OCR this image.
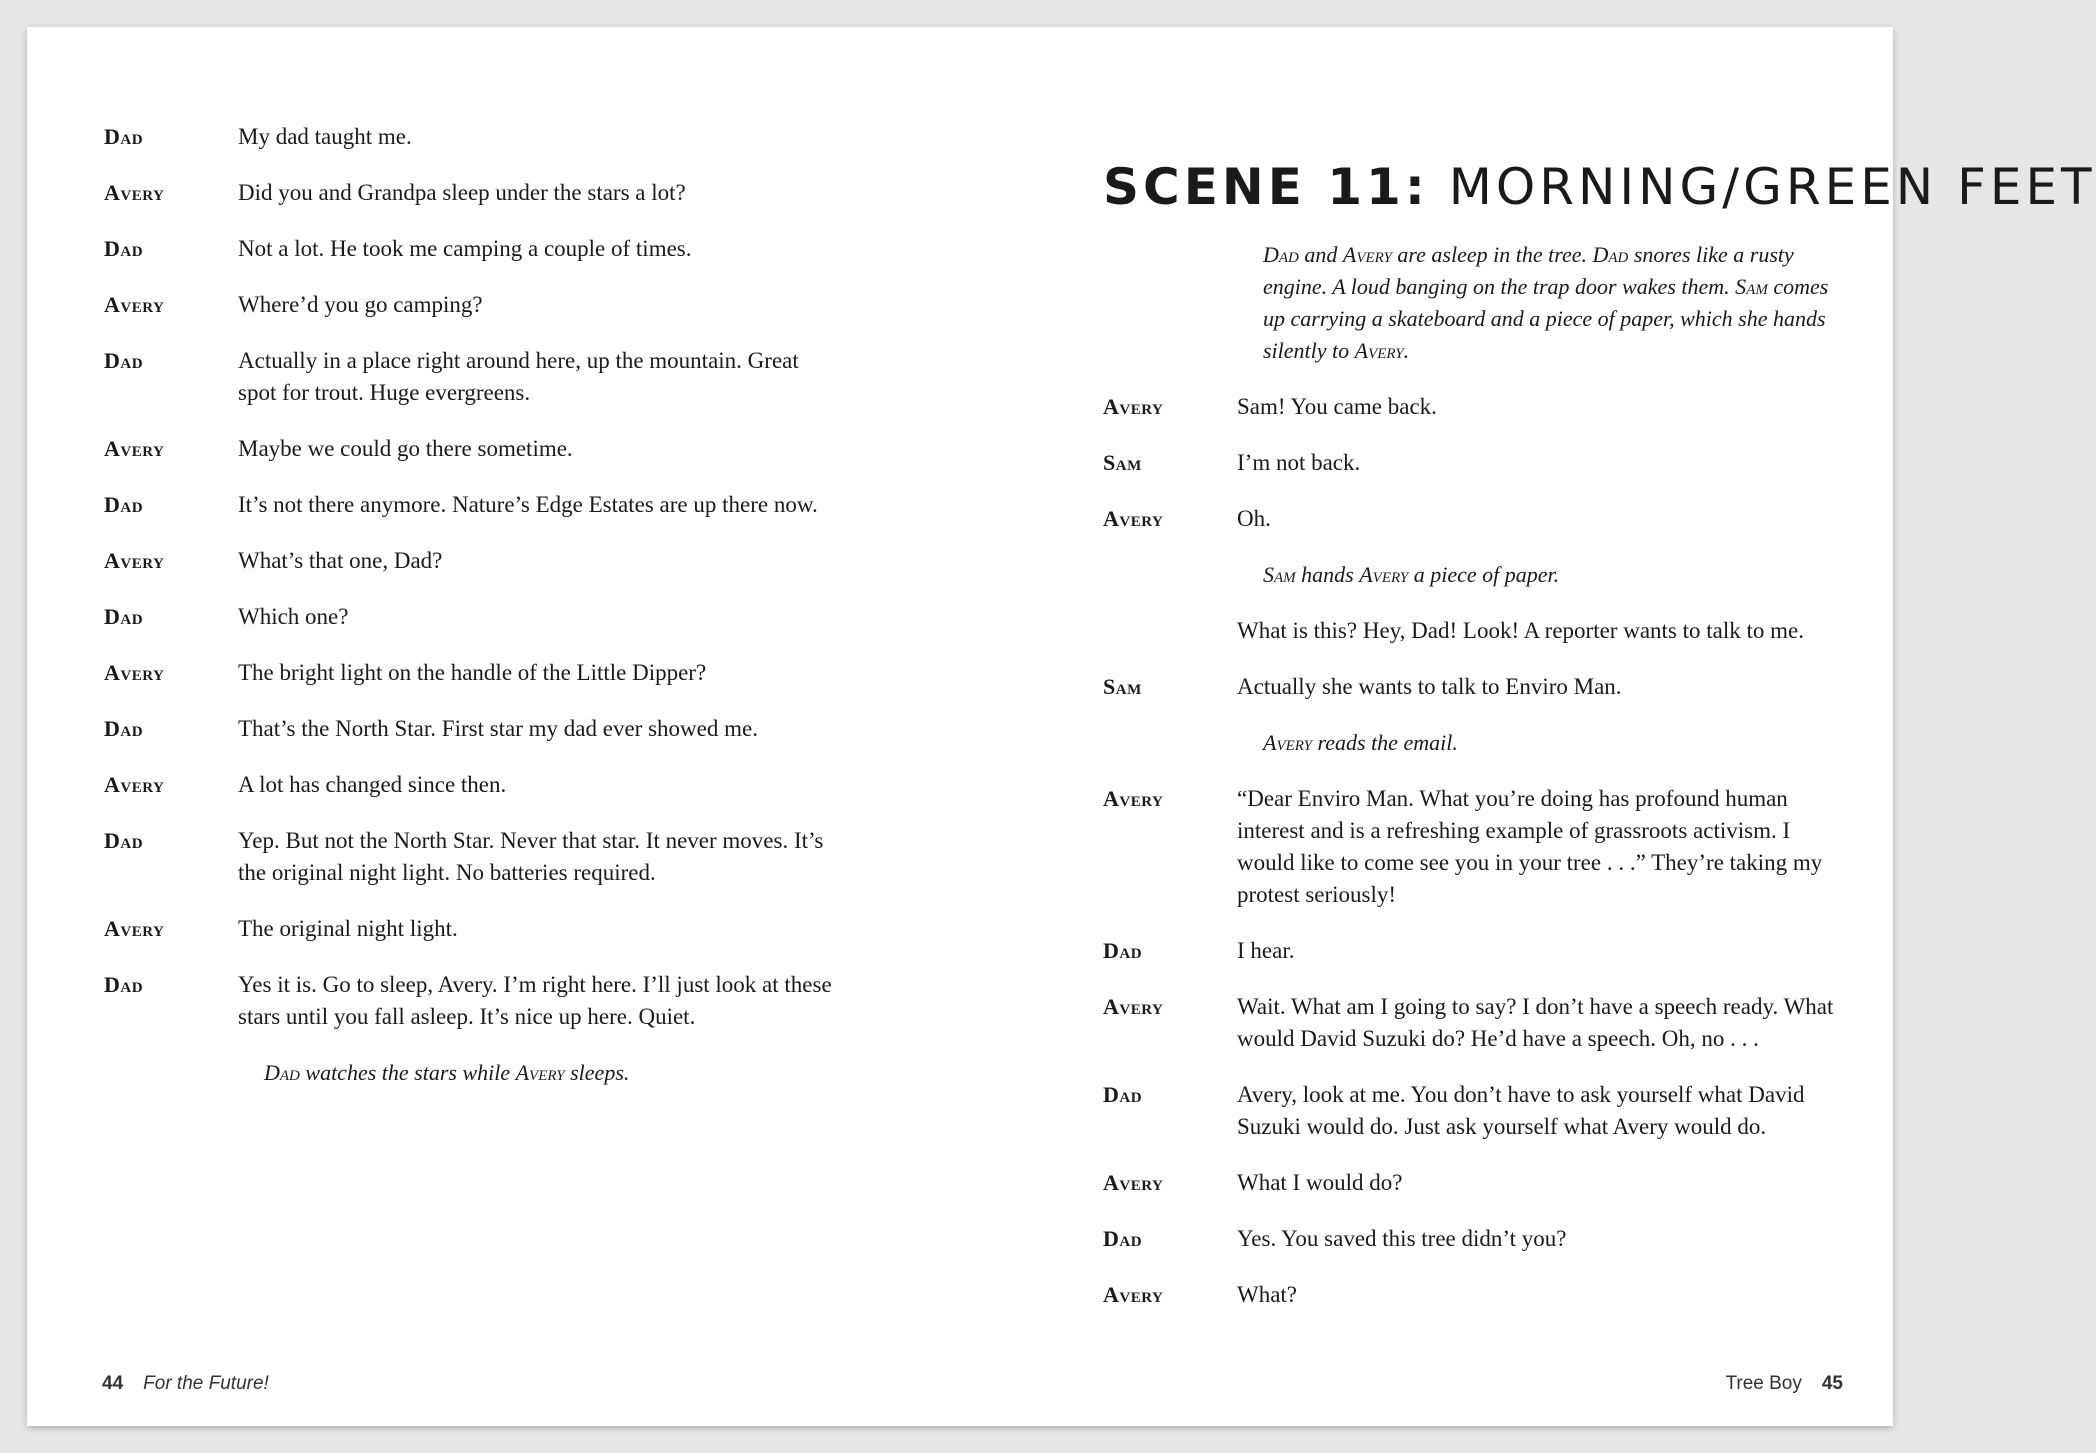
Dad	My dad taught me.
Avery	Did you and Grandpa sleep under the stars a lot?
Dad	Not a lot. He took me camping a couple of times.
Avery	Where’d you go camping?
Dad	Actually in a place right around here, up the mountain. Great spot for trout. Huge evergreens.
Avery	Maybe we could go there sometime.
Dad	It’s not there anymore. Nature’s Edge Estates are up there now.
Avery	What’s that one, Dad?
Dad	Which one?
Avery	The bright light on the handle of the Little Dipper?
Dad	That’s the North Star. First star my dad ever showed me.
Avery	A lot has changed since then.
Dad	Yep. But not the North Star. Never that star. It never moves. It’s the original night light. No batteries required.
Avery	The original night light.
Dad	Yes it is. Go to sleep, Avery. I’m right here. I’ll just look at these stars until you fall asleep. It’s nice up here. Quiet.
Dad watches the stars while Avery sleeps.
44 For the Future!
SCENE 11: MORNING/GREEN FEET
Dad and Avery are asleep in the tree. Dad snores like a rusty engine. A loud banging on the trap door wakes them. Sam comes up carrying a skateboard and a piece of paper, which she hands silently to Avery.
Avery	Sam! You came back.
Sam	I’m not back.
Avery	Oh.
Sam hands Avery a piece of paper.
What is this? Hey, Dad! Look! A reporter wants to talk to me.
Sam	Actually she wants to talk to Enviro Man.
Avery reads the email.
Avery	“Dear Enviro Man. What you’re doing has profound human interest and is a refreshing example of grassroots activism. I would like to come see you in your tree . . .” They’re taking my protest seriously!
Dad	I hear.
Avery	Wait. What am I going to say? I don’t have a speech ready. What would David Suzuki do? He’d have a speech. Oh, no . . .
Dad	Avery, look at me. You don’t have to ask yourself what David Suzuki would do. Just ask yourself what Avery would do.
Avery	What I would do?
Dad	Yes. You saved this tree didn’t you?
Avery	What?
Tree Boy 45
